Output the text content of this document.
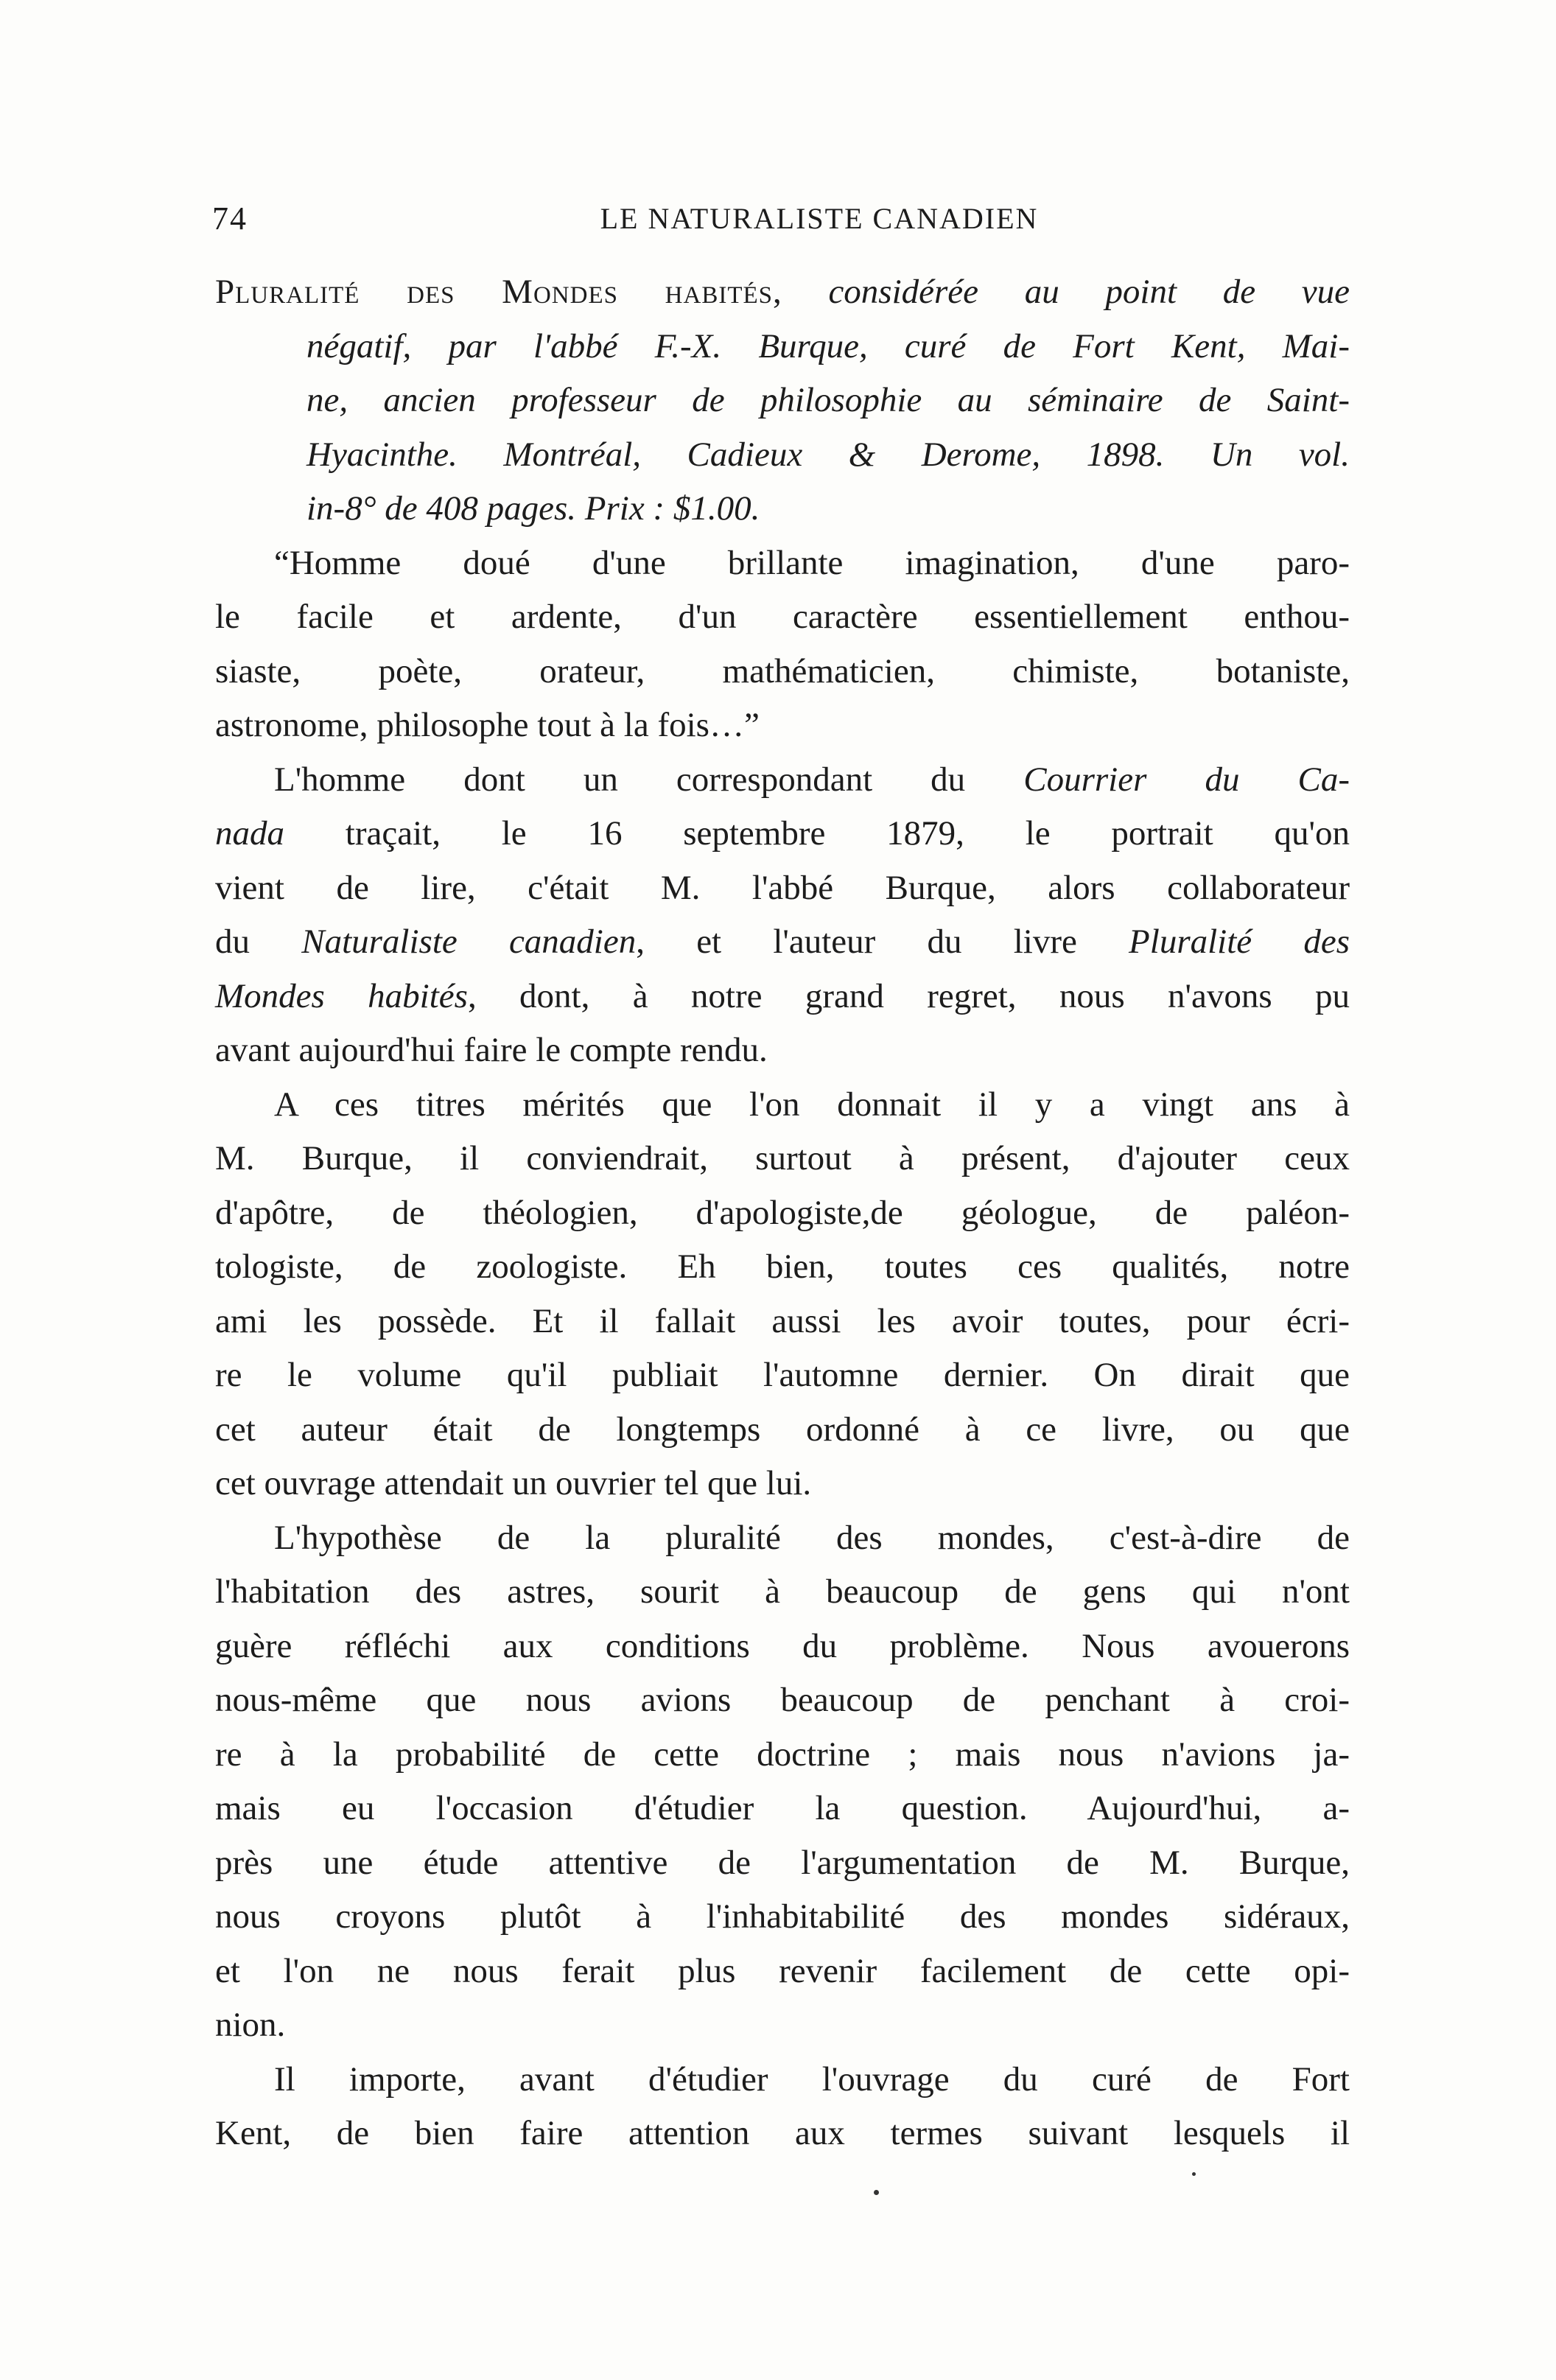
74	LE NATURALISTE CANADIEN
Pluralité des Mondes habités, considérée au point de vue
négatif, par l'abbé F.-X. Burque, curé de Fort Kent, Mai-
ne, ancien professeur de philosophie au séminaire de Saint-
Hyacinthe. Montréal, Cadieux & Derome, 1898. Un vol.
in-8° de 408 pages. Prix : $1.00.
“Homme doué d'une brillante imagination, d'une paro-
le facile et ardente, d'un caractère essentiellement enthou-
siaste, poète, orateur, mathématicien, chimiste, botaniste,
astronome, philosophe tout à la fois…”
L'homme dont un correspondant du Courrier du Ca-
nada traçait, le 16 septembre 1879, le portrait qu'on
vient de lire, c'était M. l'abbé Burque, alors collaborateur
du Naturaliste canadien, et l'auteur du livre Pluralité des
Mondes habités, dont, à notre grand regret, nous n'avons pu
avant aujourd'hui faire le compte rendu.
A ces titres mérités que l'on donnait il y a vingt ans à
M. Burque, il conviendrait, surtout à présent, d'ajouter ceux
d'apôtre, de théologien, d'apologiste,de géologue, de paléon-
tologiste, de zoologiste. Eh bien, toutes ces qualités, notre
ami les possède. Et il fallait aussi les avoir toutes, pour écri-
re le volume qu'il publiait l'automne dernier. On dirait que
cet auteur était de longtemps ordonné à ce livre, ou que
cet ouvrage attendait un ouvrier tel que lui.
L'hypothèse de la pluralité des mondes, c'est-à-dire de
l'habitation des astres, sourit à beaucoup de gens qui n'ont
guère réfléchi aux conditions du problème. Nous avouerons
nous-même que nous avions beaucoup de penchant à croi-
re à la probabilité de cette doctrine ; mais nous n'avions ja-
mais eu l'occasion d'étudier la question. Aujourd'hui, a-
près une étude attentive de l'argumentation de M. Burque,
nous croyons plutôt à l'inhabitabilité des mondes sidéraux,
et l'on ne nous ferait plus revenir facilement de cette opi-
nion.
Il importe, avant d'étudier l'ouvrage du curé de Fort
Kent, de bien faire attention aux termes suivant lesquels il
